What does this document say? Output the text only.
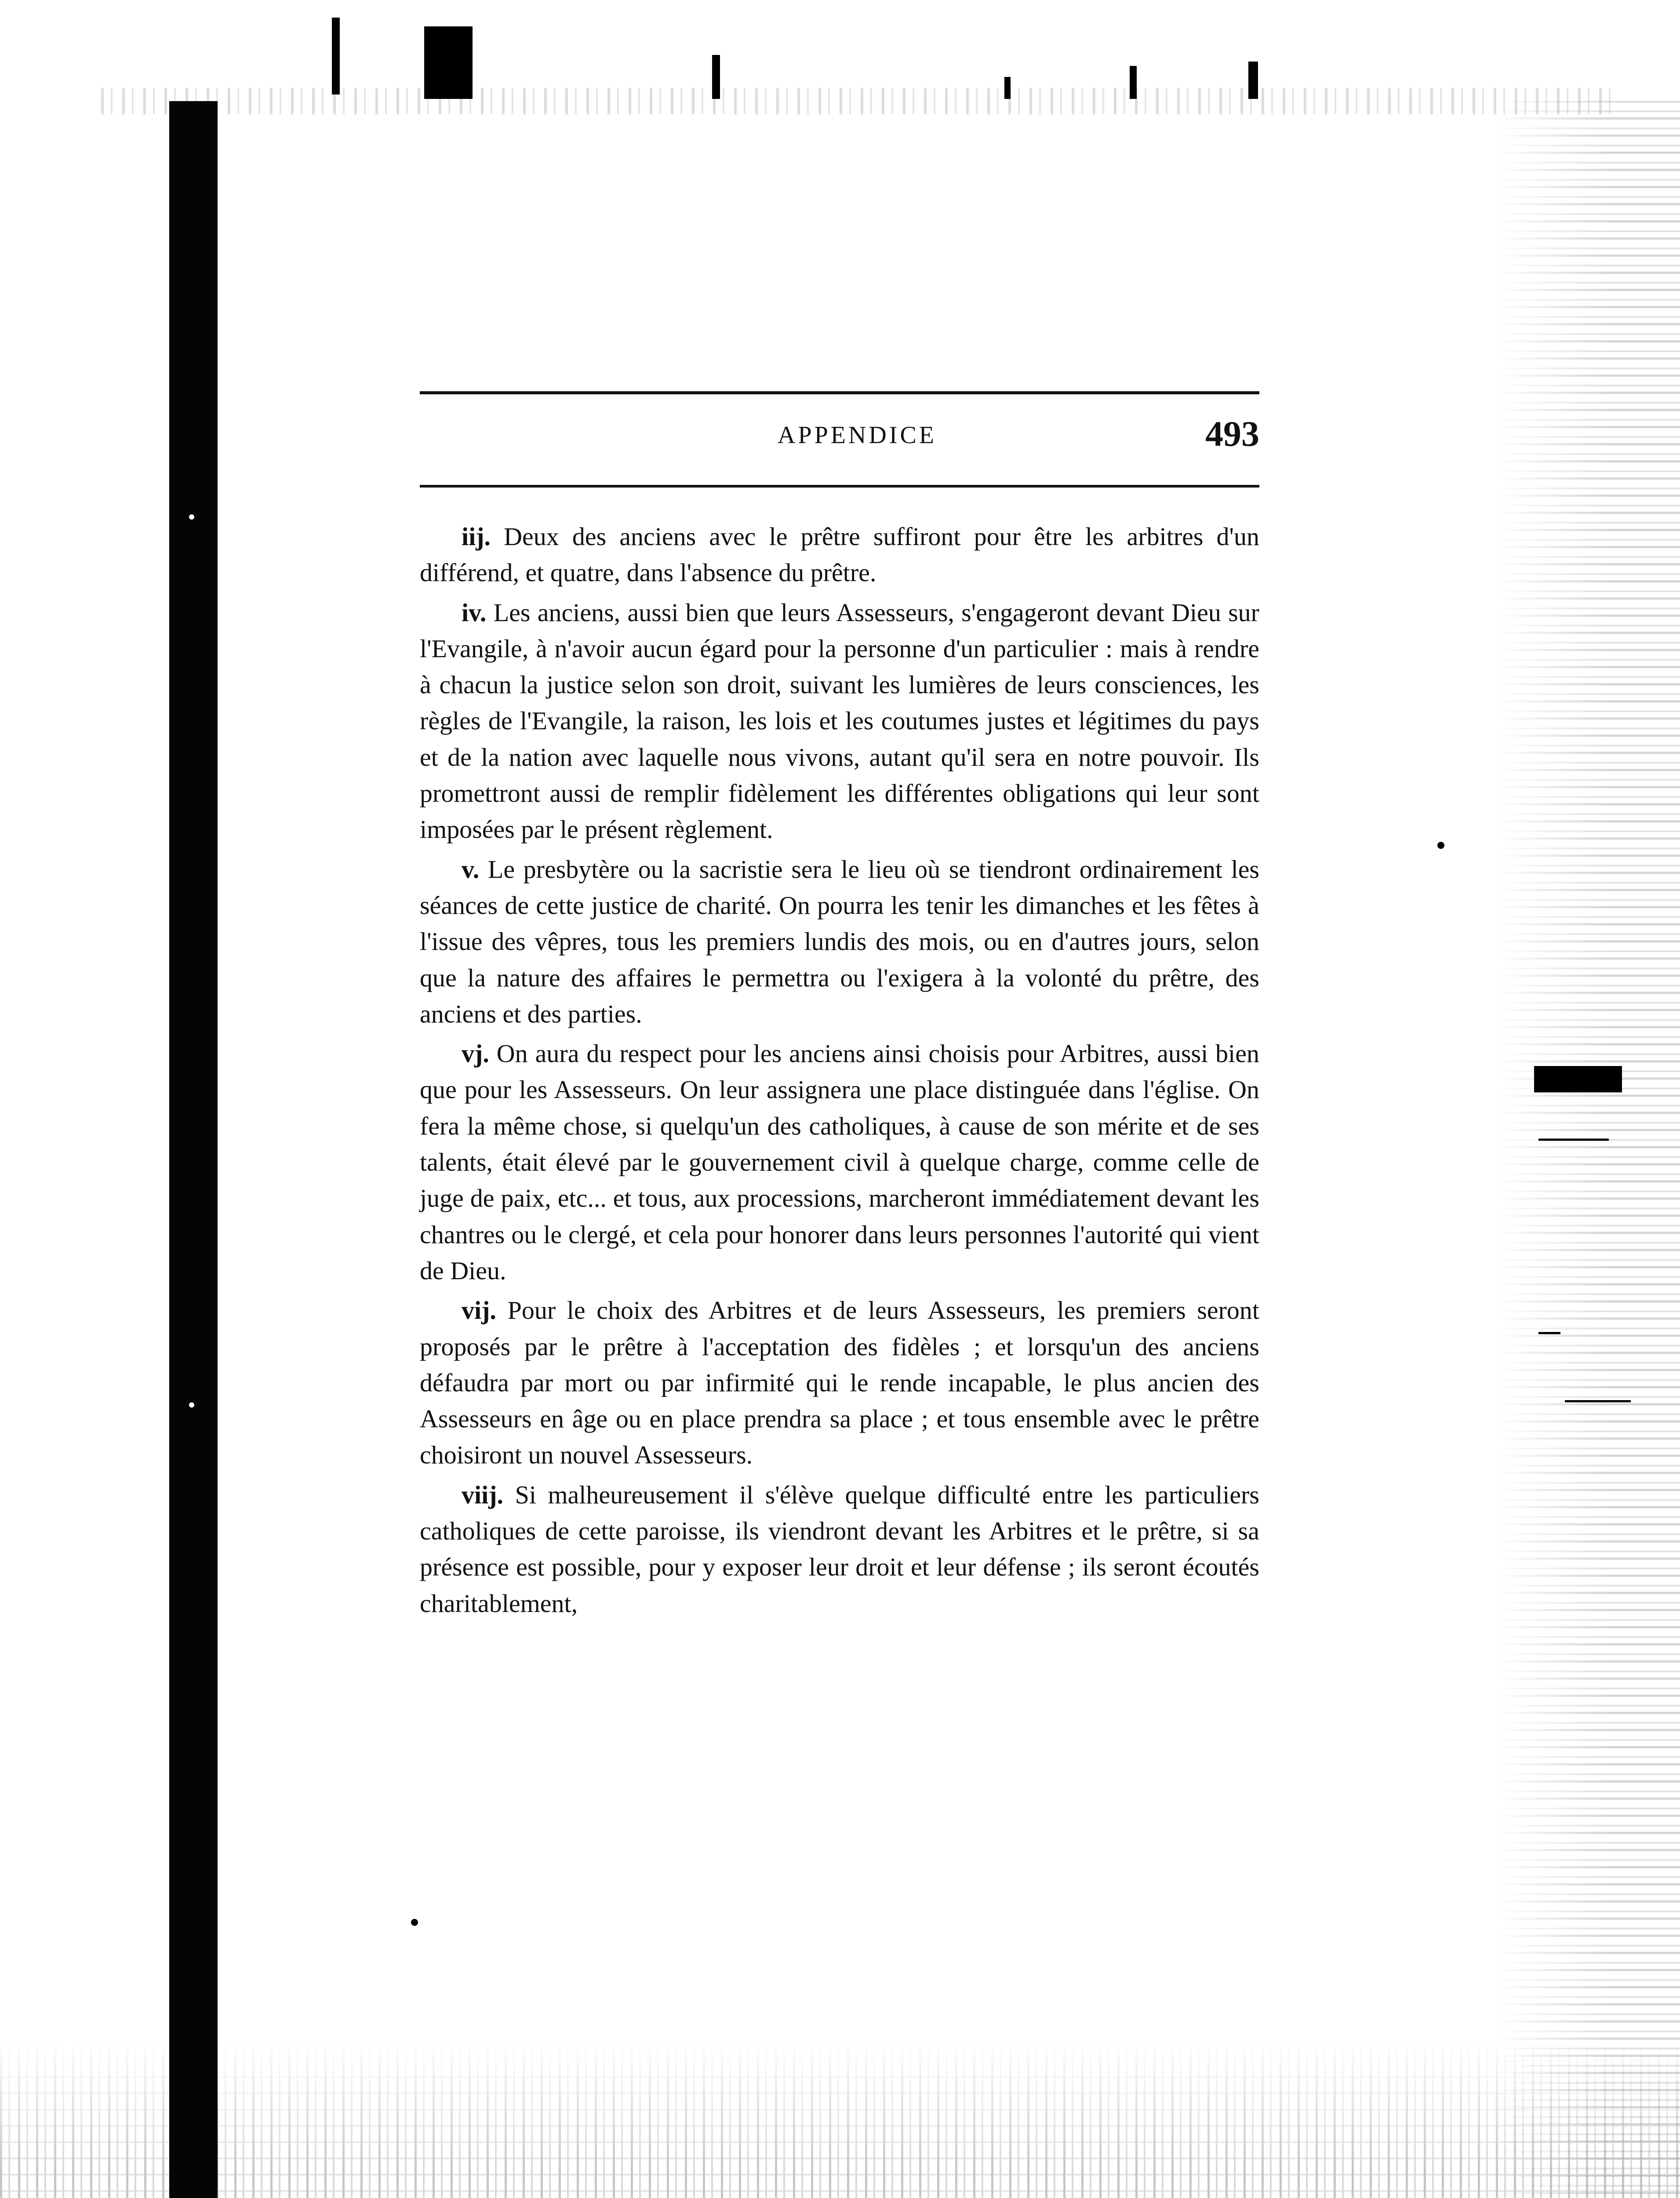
APPENDICE	493

iij. Deux des anciens avec le prêtre suffiront pour être les arbitres d'un différend, et quatre, dans l'absence du prêtre.

iv. Les anciens, aussi bien que leurs Assesseurs, s'engageront devant Dieu sur l'Evangile, à n'avoir aucun égard pour la personne d'un particulier : mais à rendre à chacun la justice selon son droit, suivant les lumières de leurs consciences, les règles de l'Evangile, la raison, les lois et les coutumes justes et légitimes du pays et de la nation avec laquelle nous vivons, autant qu'il sera en notre pouvoir. Ils promettront aussi de remplir fidèlement les différentes obligations qui leur sont imposées par le présent règlement.

v. Le presbytère ou la sacristie sera le lieu où se tiendront ordinairement les séances de cette justice de charité. On pourra les tenir les dimanches et les fêtes à l'issue des vêpres, tous les premiers lundis des mois, ou en d'autres jours, selon que la nature des affaires le permettra ou l'exigera à la volonté du prêtre, des anciens et des parties.

vj. On aura du respect pour les anciens ainsi choisis pour Arbitres, aussi bien que pour les Assesseurs. On leur assignera une place distinguée dans l'église. On fera la même chose, si quelqu'un des catholiques, à cause de son mérite et de ses talents, était élevé par le gouvernement civil à quelque charge, comme celle de juge de paix, etc... et tous, aux processions, marcheront immédiatement devant les chantres ou le clergé, et cela pour honorer dans leurs personnes l'autorité qui vient de Dieu.

vij. Pour le choix des Arbitres et de leurs Assesseurs, les premiers seront proposés par le prêtre à l'acceptation des fidèles ; et lorsqu'un des anciens défaudra par mort ou par infirmité qui le rende incapable, le plus ancien des Assesseurs en âge ou en place prendra sa place ; et tous ensemble avec le prêtre choisiront un nouvel Assesseurs.

viij. Si malheureusement il s'élève quelque difficulté entre les particuliers catholiques de cette paroisse, ils viendront devant les Arbitres et le prêtre, si sa présence est possible, pour y exposer leur droit et leur défense ; ils seront écoutés charitablement,
